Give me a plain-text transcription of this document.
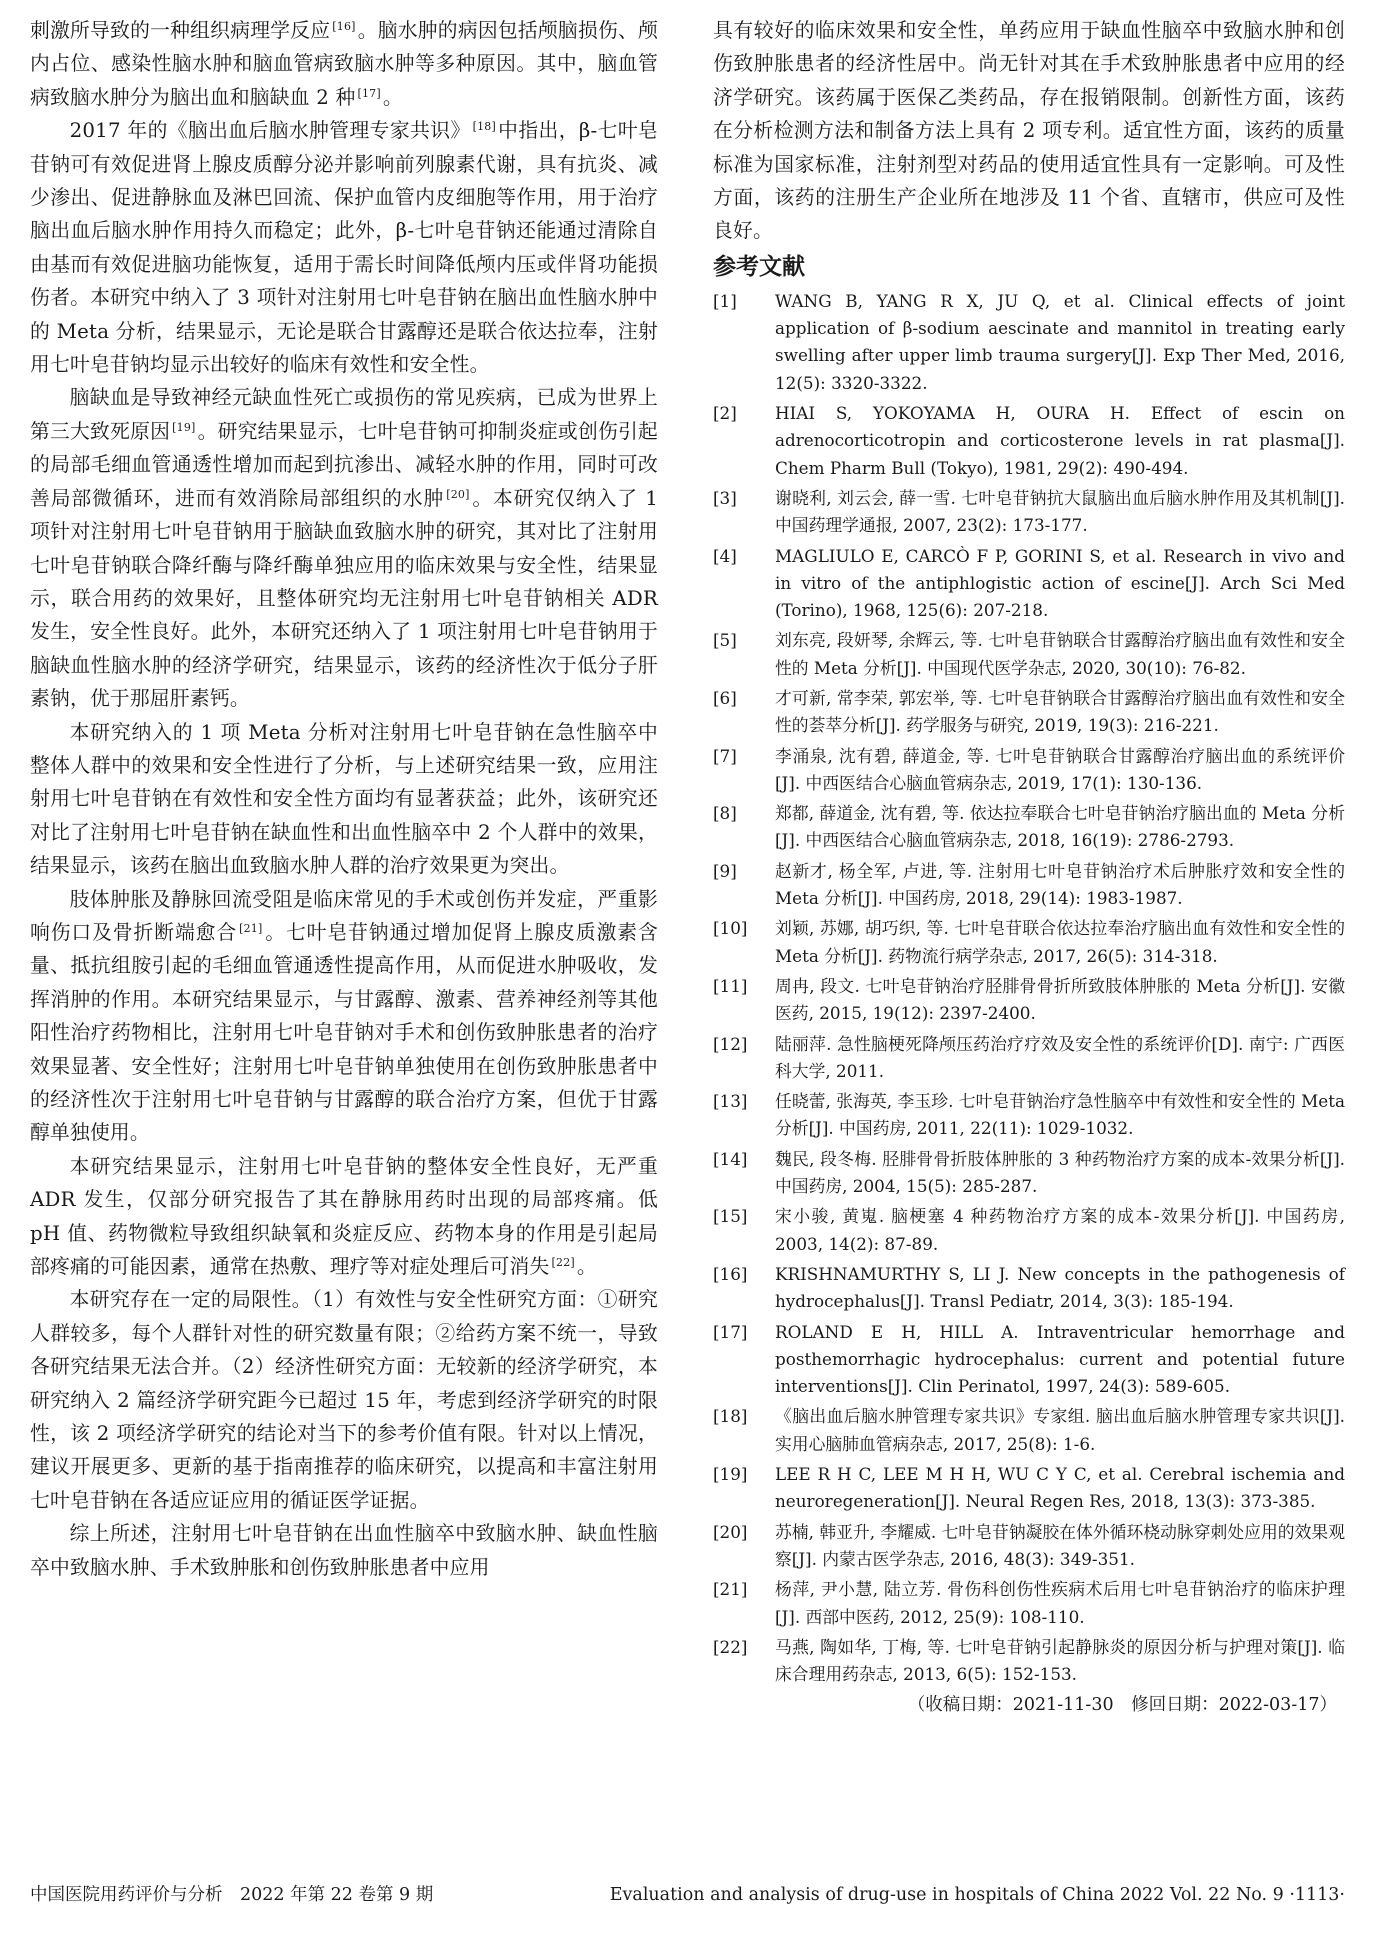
刺激所导致的一种组织病理学反应 [16] 。脑水肿的病因包括颅脑损伤、颅内占位、感染性脑水肿和脑血管病致脑水肿等多种原因。其中，脑血管病致脑水肿分为脑出血和脑缺血 2 种 [17] 。

2017 年的《脑出血后脑水肿管理专家共识》 [18] 中指出，β-七叶皂苷钠可有效促进肾上腺皮质醇分泌并影响前列腺素代谢，具有抗炎、减少渗出、促进静脉血及淋巴回流、保护血管内皮细胞等作用，用于治疗脑出血后脑水肿作用持久而稳定；此外，β-七叶皂苷钠还能通过清除自由基而有效促进脑功能恢复，适用于需长时间降低颅内压或伴肾功能损伤者。本研究中纳入了 3 项针对注射用七叶皂苷钠在脑出血性脑水肿中的 Meta 分析，结果显示，无论是联合甘露醇还是联合依达拉奉，注射用七叶皂苷钠均显示出较好的临床有效性和安全性。

脑缺血是导致神经元缺血性死亡或损伤的常见疾病，已成为世界上第三大致死原因 [19] 。研究结果显示，七叶皂苷钠可抑制炎症或创伤引起的局部毛细血管通透性增加而起到抗渗出、减轻水肿的作用，同时可改善局部微循环，进而有效消除局部组织的水肿 [20] 。本研究仅纳入了 1 项针对注射用七叶皂苷钠用于脑缺血致脑水肿的研究，其对比了注射用七叶皂苷钠联合降纤酶与降纤酶单独应用的临床效果与安全性，结果显示，联合用药的效果好，且整体研究均无注射用七叶皂苷钠相关 ADR 发生，安全性良好。此外，本研究还纳入了 1 项注射用七叶皂苷钠用于脑缺血性脑水肿的经济学研究，结果显示，该药的经济性次于低分子肝素钠，优于那屈肝素钙。

本研究纳入的 1 项 Meta 分析对注射用七叶皂苷钠在急性脑卒中整体人群中的效果和安全性进行了分析，与上述研究结果一致，应用注射用七叶皂苷钠在有效性和安全性方面均有显著获益；此外，该研究还对比了注射用七叶皂苷钠在缺血性和出血性脑卒中 2 个人群中的效果，结果显示，该药在脑出血致脑水肿人群的治疗效果更为突出。

肢体肿胀及静脉回流受阻是临床常见的手术或创伤并发症，严重影响伤口及骨折断端愈合 [21] 。七叶皂苷钠通过增加促肾上腺皮质激素含量、抵抗组胺引起的毛细血管通透性提高作用，从而促进水肿吸收，发挥消肿的作用。本研究结果显示，与甘露醇、激素、营养神经剂等其他阳性治疗药物相比，注射用七叶皂苷钠对手术和创伤致肿胀患者的治疗效果显著、安全性好；注射用七叶皂苷钠单独使用在创伤致肿胀患者中的经济性次于注射用七叶皂苷钠与甘露醇的联合治疗方案，但优于甘露醇单独使用。

本研究结果显示，注射用七叶皂苷钠的整体安全性良好，无严重 ADR 发生，仅部分研究报告了其在静脉用药时出现的局部疼痛。低 pH 值、药物微粒导致组织缺氧和炎症反应、药物本身的作用是引起局部疼痛的可能因素，通常在热敷、理疗等对症处理后可消失 [22] 。

本研究存在一定的局限性。（1）有效性与安全性研究方面：①研究人群较多，每个人群针对性的研究数量有限；②给药方案不统一，导致各研究结果无法合并。（2）经济性研究方面：无较新的经济学研究，本研究纳入 2 篇经济学研究距今已超过 15 年，考虑到经济学研究的时限性，该 2 项经济学研究的结论对当下的参考价值有限。针对以上情况，建议开展更多、更新的基于指南推荐的临床研究，以提高和丰富注射用七叶皂苷钠在各适应证应用的循证医学证据。

综上所述，注射用七叶皂苷钠在出血性脑卒中致脑水肿、缺血性脑卒中致脑水肿、手术致肿胀和创伤致肿胀患者中应用

具有较好的临床效果和安全性，单药应用于缺血性脑卒中致脑水肿和创伤致肿胀患者的经济性居中。尚无针对其在手术致肿胀患者中应用的经济学研究。该药属于医保乙类药品，存在报销限制。创新性方面，该药在分析检测方法和制备方法上具有 2 项专利。适宜性方面，该药的质量标准为国家标准，注射剂型对药品的使用适宜性具有一定影响。可及性方面，该药的注册生产企业所在地涉及 11 个省、直辖市，供应可及性良好。

参考文献
[1]	WANG B, YANG R X, JU Q, et al. Clinical effects of joint application of β-sodium aescinate and mannitol in treating early swelling after upper limb trauma surgery[J]. Exp Ther Med, 2016, 12(5): 3320-3322.
[2]	HIAI S, YOKOYAMA H, OURA H. Effect of escin on adrenocorticotropin and corticosterone levels in rat plasma[J]. Chem Pharm Bull (Tokyo), 1981, 29(2): 490-494.
[3]	谢晓利, 刘云会, 薛一雪. 七叶皂苷钠抗大鼠脑出血后脑水肿作用及其机制[J]. 中国药理学通报, 2007, 23(2): 173-177.
[4]	MAGLIULO E, CARCÒ F P, GORINI S, et al. Research in vivo and in vitro of the antiphlogistic action of escine[J]. Arch Sci Med (Torino), 1968, 125(6): 207-218.
[5]	刘东亮, 段妍琴, 余辉云, 等. 七叶皂苷钠联合甘露醇治疗脑出血有效性和安全性的 Meta 分析[J]. 中国现代医学杂志, 2020, 30(10): 76-82.
[6]	才可新, 常李荣, 郭宏举, 等. 七叶皂苷钠联合甘露醇治疗脑出血有效性和安全性的荟萃分析[J]. 药学服务与研究, 2019, 19(3): 216-221.
[7]	李涌泉, 沈有碧, 薛道金, 等. 七叶皂苷钠联合甘露醇治疗脑出血的系统评价[J]. 中西医结合心脑血管病杂志, 2019, 17(1): 130-136.
[8]	郑都, 薛道金, 沈有碧, 等. 依达拉奉联合七叶皂苷钠治疗脑出血的 Meta 分析[J]. 中西医结合心脑血管病杂志, 2018, 16(19): 2786-2793.
[9]	赵新才, 杨全军, 卢进, 等. 注射用七叶皂苷钠治疗术后肿胀疗效和安全性的 Meta 分析[J]. 中国药房, 2018, 29(14): 1983-1987.
[10]	刘颖, 苏娜, 胡巧织, 等. 七叶皂苷联合依达拉奉治疗脑出血有效性和安全性的 Meta 分析[J]. 药物流行病学杂志, 2017, 26(5): 314-318.
[11]	周冉, 段文. 七叶皂苷钠治疗胫腓骨骨折所致肢体肿胀的 Meta 分析[J]. 安徽医药, 2015, 19(12): 2397-2400.
[12]	陆丽萍. 急性脑梗死降颅压药治疗疗效及安全性的系统评价[D]. 南宁: 广西医科大学, 2011.
[13]	任晓蕾, 张海英, 李玉珍. 七叶皂苷钠治疗急性脑卒中有效性和安全性的 Meta 分析[J]. 中国药房, 2011, 22(11): 1029-1032.
[14]	魏民, 段冬梅. 胫腓骨骨折肢体肿胀的 3 种药物治疗方案的成本-效果分析[J]. 中国药房, 2004, 15(5): 285-287.
[15]	宋小骏, 黄嵬. 脑梗塞 4 种药物治疗方案的成本-效果分析[J]. 中国药房, 2003, 14(2): 87-89.
[16]	KRISHNAMURTHY S, LI J. New concepts in the pathogenesis of hydrocephalus[J]. Transl Pediatr, 2014, 3(3): 185-194.
[17]	ROLAND E H, HILL A. Intraventricular hemorrhage and posthemorrhagic hydrocephalus: current and potential future interventions[J]. Clin Perinatol, 1997, 24(3): 589-605.
[18]	《脑出血后脑水肿管理专家共识》专家组. 脑出血后脑水肿管理专家共识[J]. 实用心脑肺血管病杂志, 2017, 25(8): 1-6.
[19]	LEE R H C, LEE M H H, WU C Y C, et al. Cerebral ischemia and neuroregeneration[J]. Neural Regen Res, 2018, 13(3): 373-385.
[20]	苏楠, 韩亚升, 李耀威. 七叶皂苷钠凝胶在体外循环桡动脉穿刺处应用的效果观察[J]. 内蒙古医学杂志, 2016, 48(3): 349-351.
[21]	杨萍, 尹小慧, 陆立芳. 骨伤科创伤性疾病术后用七叶皂苷钠治疗的临床护理[J]. 西部中医药, 2012, 25(9): 108-110.
[22]	马燕, 陶如华, 丁梅, 等. 七叶皂苷钠引起静脉炎的原因分析与护理对策[J]. 临床合理用药杂志, 2013, 6(5): 152-153.
（收稿日期：2021-11-30　修回日期：2022-03-17）
中国医院用药评价与分析　2022 年第 22 卷第 9 期	Evaluation and analysis of drug-use in hospitals of China 2022 Vol. 22 No. 9 ·1113·
